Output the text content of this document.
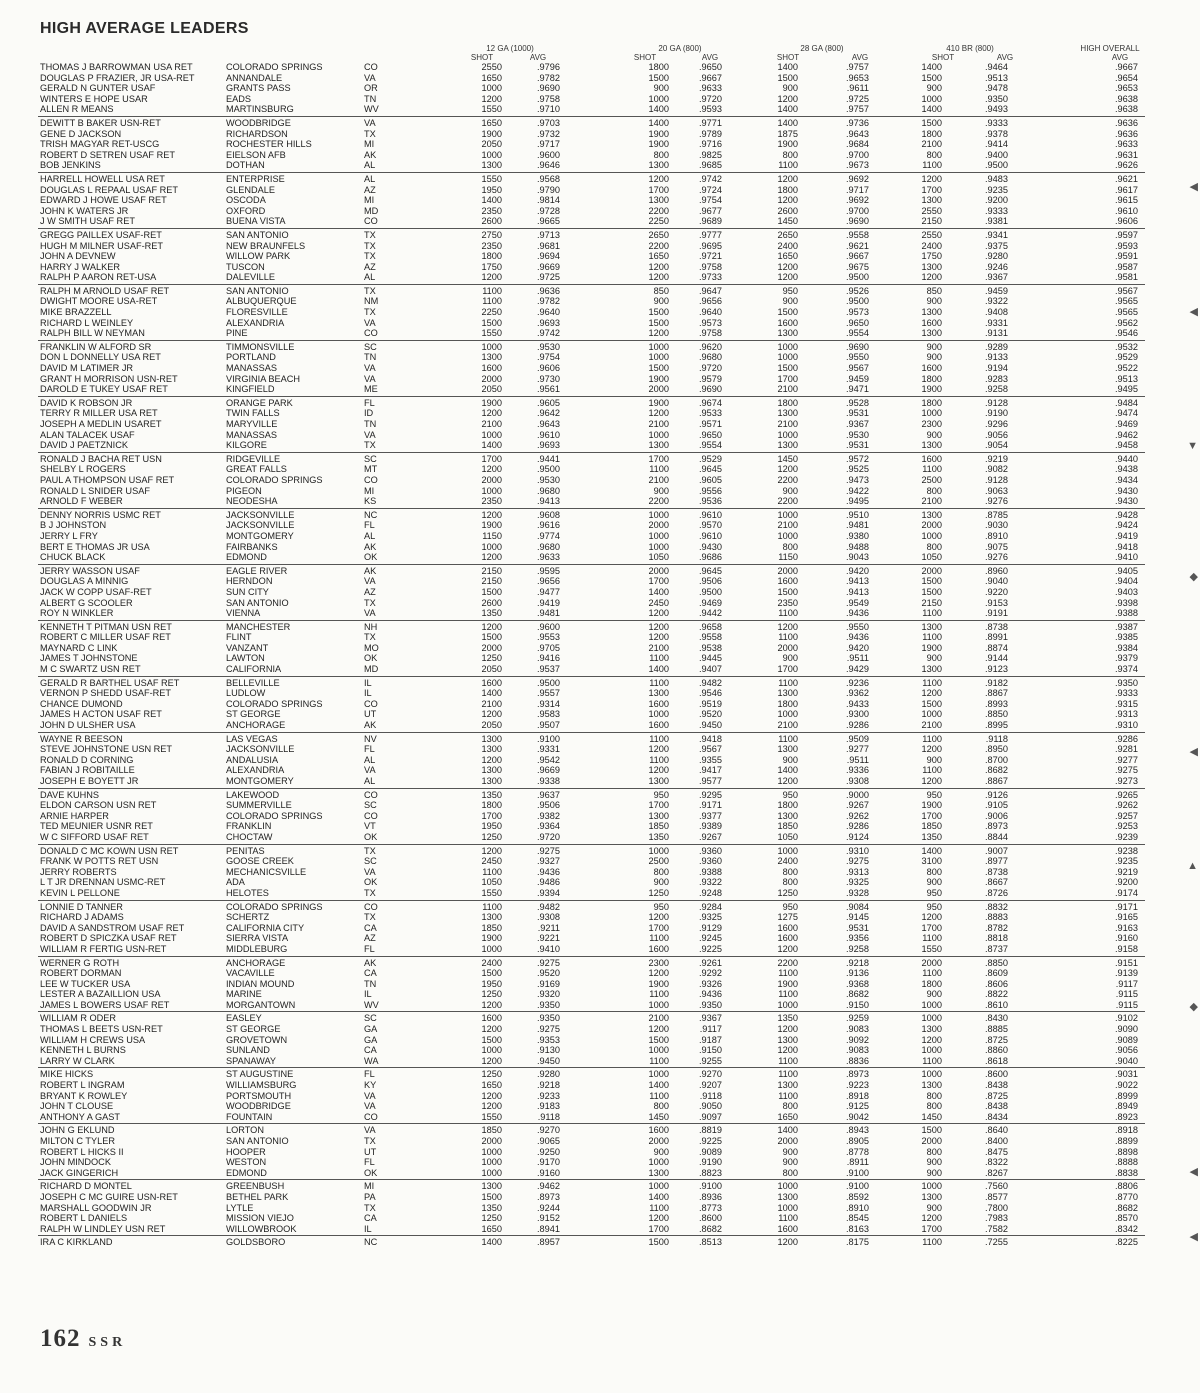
HIGH AVERAGE LEADERS
12 GA (1000)	20 GA (800)	28 GA (800)	410 BR (800)	HIGH OVERALL
SHOT	AVG	SHOT	AVG	SHOT	AVG	SHOT	AVG	AVG
THOMAS J BARROWMAN USA RET	COLORADO SPRINGS	CO	2550	.9796	1800	.9650	1400	.9757	1400	.9464	.9667
DOUGLAS P FRAZIER, JR USA-RET	ANNANDALE	VA	1650	.9782	1500	.9667	1500	.9653	1500	.9513	.9654
GERALD N GUNTER USAF	GRANTS PASS	OR	1000	.9690	900	.9633	900	.9611	900	.9478	.9653
WINTERS E HOPE USAR	EADS	TN	1200	.9758	1000	.9720	1200	.9725	1000	.9350	.9638
ALLEN R MEANS	MARTINSBURG	WV	1550	.9710	1400	.9593	1400	.9757	1400	.9493	.9638
DEWITT B BAKER USN-RET	WOODBRIDGE	VA	1650	.9703	1400	.9771	1400	.9736	1500	.9333	.9636
GENE D JACKSON	RICHARDSON	TX	1900	.9732	1900	.9789	1875	.9643	1800	.9378	.9636
TRISH MAGYAR RET-USCG	ROCHESTER HILLS	MI	2050	.9717	1900	.9716	1900	.9684	2100	.9414	.9633
ROBERT D SETREN USAF RET	EIELSON AFB	AK	1000	.9600	800	.9825	800	.9700	800	.9400	.9631
BOB JENKINS	DOTHAN	AL	1300	.9646	1300	.9685	1100	.9673	1100	.9500	.9626
HARRELL HOWELL USA RET	ENTERPRISE	AL	1550	.9568	1200	.9742	1200	.9692	1200	.9483	.9621
DOUGLAS L REPAAL USAF RET	GLENDALE	AZ	1950	.9790	1700	.9724	1800	.9717	1700	.9235	.9617
EDWARD J HOWE USAF RET	OSCODA	MI	1400	.9814	1300	.9754	1200	.9692	1300	.9200	.9615
JOHN K WATERS JR	OXFORD	MD	2350	.9728	2200	.9677	2600	.9700	2550	.9333	.9610
J W SMITH USAF RET	BUENA VISTA	CO	2600	.9665	2250	.9689	1450	.9690	2150	.9381	.9606
GREGG PAILLEX USAF-RET	SAN ANTONIO	TX	2750	.9713	2650	.9777	2650	.9558	2550	.9341	.9597
HUGH M MILNER USAF-RET	NEW BRAUNFELS	TX	2350	.9681	2200	.9695	2400	.9621	2400	.9375	.9593
JOHN A DEVNEW	WILLOW PARK	TX	1800	.9694	1650	.9721	1650	.9667	1750	.9280	.9591
HARRY J WALKER	TUSCON	AZ	1750	.9669	1200	.9758	1200	.9675	1300	.9246	.9587
RALPH P AARON RET-USA	DALEVILLE	AL	1200	.9725	1200	.9733	1200	.9500	1200	.9367	.9581
RALPH M ARNOLD USAF RET	SAN ANTONIO	TX	1100	.9636	850	.9647	950	.9526	850	.9459	.9567
DWIGHT MOORE USA-RET	ALBUQUERQUE	NM	1100	.9782	900	.9656	900	.9500	900	.9322	.9565
MIKE BRAZZELL	FLORESVILLE	TX	2250	.9640	1500	.9640	1500	.9573	1300	.9408	.9565
RICHARD L WEINLEY	ALEXANDRIA	VA	1500	.9693	1500	.9573	1600	.9650	1600	.9331	.9562
RALPH BILL W NEYMAN	PINE	CO	1550	.9742	1200	.9758	1300	.9554	1300	.9131	.9546
FRANKLIN W ALFORD SR	TIMMONSVILLE	SC	1000	.9530	1000	.9620	1000	.9690	900	.9289	.9532
DON L DONNELLY USA RET	PORTLAND	TN	1300	.9754	1000	.9680	1000	.9550	900	.9133	.9529
DAVID M LATIMER JR	MANASSAS	VA	1600	.9606	1500	.9720	1500	.9567	1600	.9194	.9522
GRANT H MORRISON USN-RET	VIRGINIA BEACH	VA	2000	.9730	1900	.9579	1700	.9459	1800	.9283	.9513
DAROLD E TUKEY USAF RET	KINGFIELD	ME	2050	.9561	2000	.9690	2100	.9471	1900	.9258	.9495
DAVID K ROBSON JR	ORANGE PARK	FL	1900	.9605	1900	.9674	1800	.9528	1800	.9128	.9484
TERRY R MILLER USA RET	TWIN FALLS	ID	1200	.9642	1200	.9533	1300	.9531	1000	.9190	.9474
JOSEPH A MEDLIN USARET	MARYVILLE	TN	2100	.9643	2100	.9571	2100	.9367	2300	.9296	.9469
ALAN TALACEK USAF	MANASSAS	VA	1000	.9610	1000	.9650	1000	.9530	900	.9056	.9462
DAVID J PAETZNICK	KILGORE	TX	1400	.9693	1300	.9554	1300	.9531	1300	.9054	.9458
RONALD J BACHA RET USN	RIDGEVILLE	SC	1700	.9441	1700	.9529	1450	.9572	1600	.9219	.9440
SHELBY L ROGERS	GREAT FALLS	MT	1200	.9500	1100	.9645	1200	.9525	1100	.9082	.9438
PAUL A THOMPSON USAF RET	COLORADO SPRINGS	CO	2000	.9530	2100	.9605	2200	.9473	2500	.9128	.9434
RONALD L SNIDER USAF	PIGEON	MI	1000	.9680	900	.9556	900	.9422	800	.9063	.9430
ARNOLD F WEBER	NEODESHA	KS	2350	.9413	2200	.9536	2200	.9495	2100	.9276	.9430
DENNY NORRIS USMC RET	JACKSONVILLE	NC	1200	.9608	1000	.9610	1000	.9510	1300	.8785	.9428
B J JOHNSTON	JACKSONVILLE	FL	1900	.9616	2000	.9570	2100	.9481	2000	.9030	.9424
JERRY L FRY	MONTGOMERY	AL	1150	.9774	1000	.9610	1000	.9380	1000	.8910	.9419
BERT E THOMAS JR USA	FAIRBANKS	AK	1000	.9680	1000	.9430	800	.9488	800	.9075	.9418
CHUCK BLACK	EDMOND	OK	1200	.9633	1050	.9686	1150	.9043	1050	.9276	.9410
JERRY WASSON USAF	EAGLE RIVER	AK	2150	.9595	2000	.9645	2000	.9420	2000	.8960	.9405
DOUGLAS A MINNIG	HERNDON	VA	2150	.9656	1700	.9506	1600	.9413	1500	.9040	.9404
JACK W COPP USAF-RET	SUN CITY	AZ	1500	.9477	1400	.9500	1500	.9413	1500	.9220	.9403
ALBERT G SCOOLER	SAN ANTONIO	TX	2600	.9419	2450	.9469	2350	.9549	2150	.9153	.9398
ROY N WINKLER	VIENNA	VA	1350	.9481	1200	.9442	1100	.9436	1100	.9191	.9388
KENNETH T PITMAN USN RET	MANCHESTER	NH	1200	.9600	1200	.9658	1200	.9550	1300	.8738	.9387
ROBERT C MILLER USAF RET	FLINT	TX	1500	.9553	1200	.9558	1100	.9436	1100	.8991	.9385
MAYNARD C LINK	VANZANT	MO	2000	.9705	2100	.9538	2000	.9420	1900	.8874	.9384
JAMES T JOHNSTONE	LAWTON	OK	1250	.9416	1100	.9445	900	.9511	900	.9144	.9379
M C SWARTZ USN RET	CALIFORNIA	MD	2050	.9537	1400	.9407	1700	.9429	1300	.9123	.9374
GERALD R BARTHEL USAF RET	BELLEVILLE	IL	1600	.9500	1100	.9482	1100	.9236	1100	.9182	.9350
VERNON P SHEDD USAF-RET	LUDLOW	IL	1400	.9557	1300	.9546	1300	.9362	1200	.8867	.9333
CHANCE DUMOND	COLORADO SPRINGS	CO	2100	.9314	1600	.9519	1800	.9433	1500	.8993	.9315
JAMES H ACTON USAF RET	ST GEORGE	UT	1200	.9583	1000	.9520	1000	.9300	1000	.8850	.9313
JOHN D ULSHER USA	ANCHORAGE	AK	2050	.9507	1600	.9450	2100	.9286	2100	.8995	.9310
WAYNE R BEESON	LAS VEGAS	NV	1300	.9100	1100	.9418	1100	.9509	1100	.9118	.9286
STEVE JOHNSTONE USN RET	JACKSONVILLE	FL	1300	.9331	1200	.9567	1300	.9277	1200	.8950	.9281
RONALD D CORNING	ANDALUSIA	AL	1200	.9542	1100	.9355	900	.9511	900	.8700	.9277
FABIAN J ROBITAILLE	ALEXANDRIA	VA	1300	.9669	1200	.9417	1400	.9336	1100	.8682	.9275
JOSEPH E BOYETT JR	MONTGOMERY	AL	1300	.9338	1300	.9577	1200	.9308	1200	.8867	.9273
DAVE KUHNS	LAKEWOOD	CO	1350	.9637	950	.9295	950	.9000	950	.9126	.9265
ELDON CARSON USN RET	SUMMERVILLE	SC	1800	.9506	1700	.9171	1800	.9267	1900	.9105	.9262
ARNIE HARPER	COLORADO SPRINGS	CO	1700	.9382	1300	.9377	1300	.9262	1700	.9006	.9257
TED MEUNIER USNR RET	FRANKLIN	VT	1950	.9364	1850	.9389	1850	.9286	1850	.8973	.9253
W C SIFFORD USAF RET	CHOCTAW	OK	1250	.9720	1350	.9267	1050	.9124	1350	.8844	.9239
DONALD C MC KOWN USN RET	PENITAS	TX	1200	.9275	1000	.9360	1000	.9310	1400	.9007	.9238
FRANK W POTTS RET USN	GOOSE CREEK	SC	2450	.9327	2500	.9360	2400	.9275	3100	.8977	.9235
JERRY ROBERTS	MECHANICSVILLE	VA	1100	.9436	800	.9388	800	.9313	800	.8738	.9219
L T JR DRENNAN USMC-RET	ADA	OK	1050	.9486	900	.9322	800	.9325	900	.8667	.9200
KEVIN L PELLONE	HELOTES	TX	1550	.9394	1250	.9248	1250	.9328	950	.8726	.9174
LONNIE D TANNER	COLORADO SPRINGS	CO	1100	.9482	950	.9284	950	.9084	950	.8832	.9171
RICHARD J ADAMS	SCHERTZ	TX	1300	.9308	1200	.9325	1275	.9145	1200	.8883	.9165
DAVID A SANDSTROM USAF RET	CALIFORNIA CITY	CA	1850	.9211	1700	.9129	1600	.9531	1700	.8782	.9163
ROBERT D SPICZKA USAF RET	SIERRA VISTA	AZ	1900	.9221	1100	.9245	1600	.9356	1100	.8818	.9160
WILLIAM R FERTIG USN-RET	MIDDLEBURG	FL	1000	.9410	1600	.9225	1200	.9258	1550	.8737	.9158
WERNER G ROTH	ANCHORAGE	AK	2400	.9275	2300	.9261	2200	.9218	2000	.8850	.9151
ROBERT DORMAN	VACAVILLE	CA	1500	.9520	1200	.9292	1100	.9136	1100	.8609	.9139
LEE W TUCKER USA	INDIAN MOUND	TN	1950	.9169	1900	.9326	1900	.9368	1800	.8606	.9117
LESTER A BAZAILLION USA	MARINE	IL	1250	.9320	1100	.9436	1100	.8682	900	.8822	.9115
JAMES L BOWERS USAF RET	MORGANTOWN	WV	1200	.9350	1000	.9350	1000	.9150	1000	.8610	.9115
WILLIAM R ODER	EASLEY	SC	1600	.9350	2100	.9367	1350	.9259	1000	.8430	.9102
THOMAS L BEETS USN-RET	ST GEORGE	GA	1200	.9275	1200	.9117	1200	.9083	1300	.8885	.9090
WILLIAM H CREWS USA	GROVETOWN	GA	1500	.9353	1500	.9187	1300	.9092	1200	.8725	.9089
KENNETH L BURNS	SUNLAND	CA	1000	.9130	1000	.9150	1200	.9083	1000	.8860	.9056
LARRY W CLARK	SPANAWAY	WA	1200	.9450	1100	.9255	1100	.8836	1100	.8618	.9040
MIKE HICKS	ST AUGUSTINE	FL	1250	.9280	1000	.9270	1100	.8973	1000	.8600	.9031
ROBERT L INGRAM	WILLIAMSBURG	KY	1650	.9218	1400	.9207	1300	.9223	1300	.8438	.9022
BRYANT K ROWLEY	PORTSMOUTH	VA	1200	.9233	1100	.9118	1100	.8918	800	.8725	.8999
JOHN T CLOUSE	WOODBRIDGE	VA	1200	.9183	800	.9050	800	.9125	800	.8438	.8949
ANTHONY A GAST	FOUNTAIN	CO	1550	.9118	1450	.9097	1650	.9042	1450	.8434	.8923
JOHN G EKLUND	LORTON	VA	1850	.9270	1600	.8819	1400	.8943	1500	.8640	.8918
MILTON C TYLER	SAN ANTONIO	TX	2000	.9065	2000	.9225	2000	.8905	2000	.8400	.8899
ROBERT L HICKS II	HOOPER	UT	1000	.9250	900	.9089	900	.8778	800	.8475	.8898
JOHN MINDOCK	WESTON	FL	1000	.9170	1000	.9190	900	.8911	900	.8322	.8888
JACK GINGERICH	EDMOND	OK	1000	.9160	1300	.8823	800	.9100	900	.8267	.8838
RICHARD D MONTEL	GREENBUSH	MI	1300	.9462	1000	.9100	1000	.9100	1000	.7560	.8806
JOSEPH C MC GUIRE USN-RET	BETHEL PARK	PA	1500	.8973	1400	.8936	1300	.8592	1300	.8577	.8770
MARSHALL GOODWIN JR	LYTLE	TX	1350	.9244	1100	.8773	1000	.8910	900	.7800	.8682
ROBERT L DANIELS	MISSION VIEJO	CA	1250	.9152	1200	.8600	1100	.8545	1200	.7983	.8570
RALPH W LINDLEY USN RET	WILLOWBROOK	IL	1650	.8941	1700	.8682	1600	.8163	1700	.7582	.8342
IRA C KIRKLAND	GOLDSBORO	NC	1400	.8957	1500	.8513	1200	.8175	1100	.7255	.8225
162 SSR
◀
◀
▼
◆
◀
▲
◆
◀
◀
